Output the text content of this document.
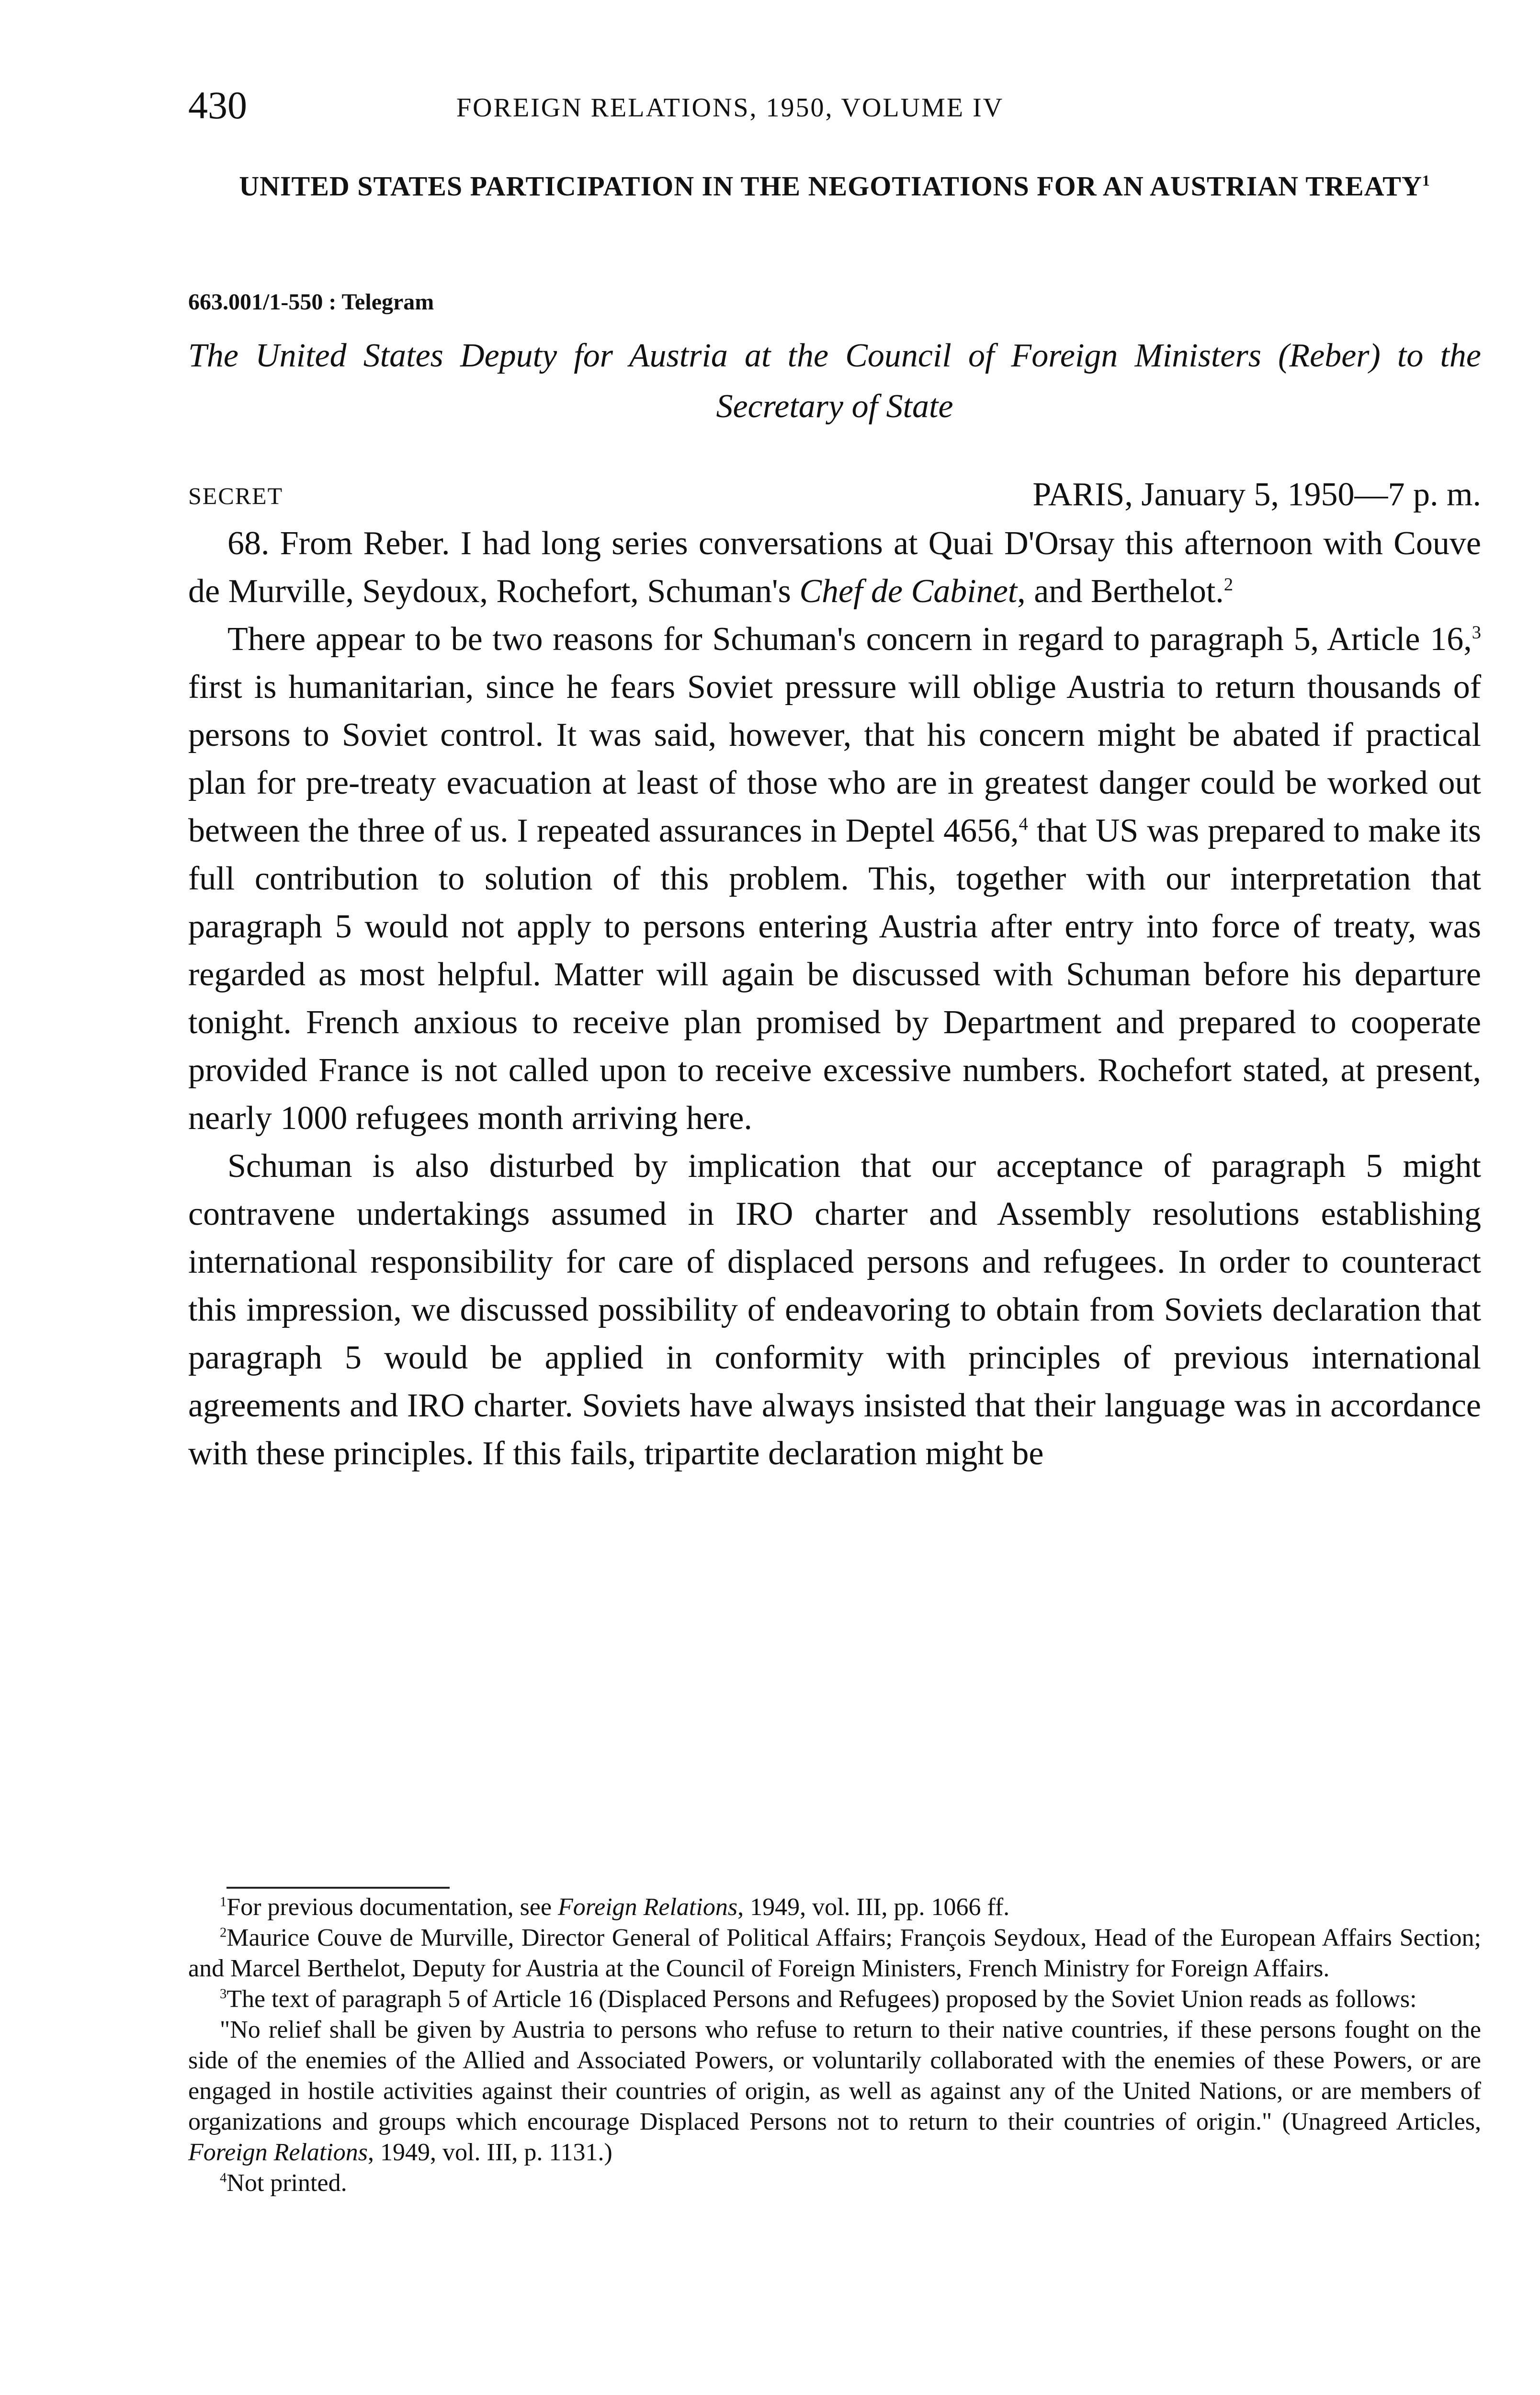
430	FOREIGN RELATIONS, 1950, VOLUME IV
UNITED STATES PARTICIPATION IN THE NEGOTIATIONS FOR AN AUSTRIAN TREATY$^1$
663.001/1-550 : Telegram
The United States Deputy for Austria at the Council of Foreign Ministers (Reber) to the Secretary of State
SECRET	PARIS, January 5, 1950—7 p. m.

68. From Reber. I had long series conversations at Quai D'Orsay this afternoon with Couve de Murville, Seydoux, Rochefort, Schuman's Chef de Cabinet, and Berthelot.$^2$

There appear to be two reasons for Schuman's concern in regard to paragraph 5, Article 16,$^3$ first is humanitarian, since he fears Soviet pressure will oblige Austria to return thousands of persons to Soviet control. It was said, however, that his concern might be abated if practical plan for pre-treaty evacuation at least of those who are in greatest danger could be worked out between the three of us. I repeated assurances in Deptel 4656,$^4$ that US was prepared to make its full contribution to solution of this problem. This, together with our interpretation that paragraph 5 would not apply to persons entering Austria after entry into force of treaty, was regarded as most helpful. Matter will again be discussed with Schuman before his departure tonight. French anxious to receive plan promised by Department and prepared to cooperate provided France is not called upon to receive excessive numbers. Rochefort stated, at present, nearly 1000 refugees month arriving here.

Schuman is also disturbed by implication that our acceptance of paragraph 5 might contravene undertakings assumed in IRO charter and Assembly resolutions establishing international responsibility for care of displaced persons and refugees. In order to counteract this impression, we discussed possibility of endeavoring to obtain from Soviets declaration that paragraph 5 would be applied in conformity with principles of previous international agreements and IRO charter. Soviets have always insisted that their language was in accordance with these principles. If this fails, tripartite declaration might be

$^1$For previous documentation, see Foreign Relations, 1949, vol. III, pp. 1066 ff.

$^2$Maurice Couve de Murville, Director General of Political Affairs; François Seydoux, Head of the European Affairs Section; and Marcel Berthelot, Deputy for Austria at the Council of Foreign Ministers, French Ministry for Foreign Affairs.

$^3$The text of paragraph 5 of Article 16 (Displaced Persons and Refugees) proposed by the Soviet Union reads as follows:

"No relief shall be given by Austria to persons who refuse to return to their native countries, if these persons fought on the side of the enemies of the Allied and Associated Powers, or voluntarily collaborated with the enemies of these Powers, or are engaged in hostile activities against their countries of origin, as well as against any of the United Nations, or are members of organizations and groups which encourage Displaced Persons not to return to their countries of origin." (Unagreed Articles, Foreign Relations, 1949, vol. III, p. 1131.)

$^4$Not printed.
